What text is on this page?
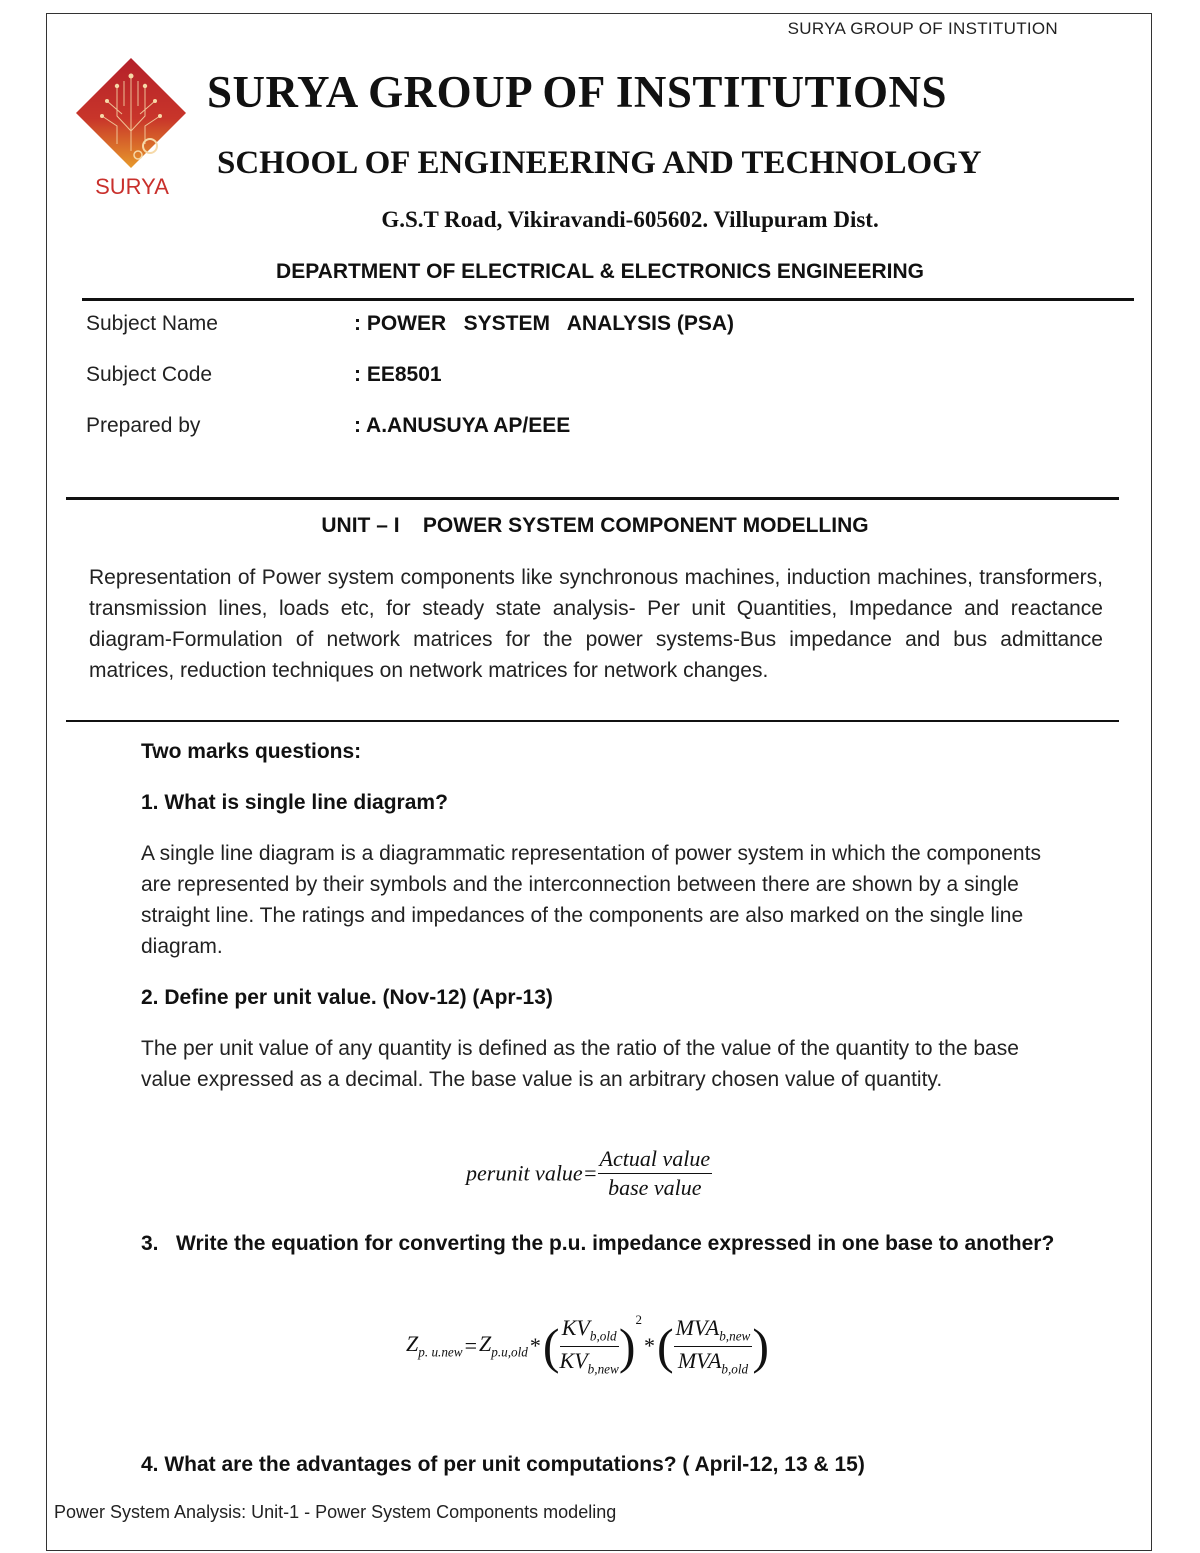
SURYA GROUP OF INSTITUTION
SURYA
SURYA GROUP OF INSTITUTIONS
SCHOOL OF ENGINEERING AND TECHNOLOGY
G.S.T Road, Vikiravandi-605602. Villupuram Dist.
DEPARTMENT OF ELECTRICAL & ELECTRONICS ENGINEERING
Subject Name	: POWER   SYSTEM   ANALYSIS (PSA)
Subject Code	: EE8501
Prepared by	: A.ANUSUYA AP/EEE
UNIT – I    POWER SYSTEM COMPONENT MODELLING
Representation of Power system components like synchronous machines, induction machines, transformers, transmission lines, loads etc, for steady state analysis- Per unit Quantities, Impedance and reactance diagram-Formulation of network matrices for the power systems-Bus impedance and bus admittance matrices, reduction techniques on network matrices for network changes.

Two marks questions:

1. What is single line diagram?

A single line diagram is a diagrammatic representation of power system in which the components are represented by their symbols and the interconnection between there are shown by a single straight line. The ratings and impedances of the components are also marked on the single line diagram.

2. Define per unit value. (Nov-12) (Apr-13)

The per unit value of any quantity is defined as the ratio of the value of the quantity to the base value expressed as a decimal. The base value is an arbitrary chosen value of quantity.

perunit value= $\frac{\text{Actual value}}{\text{base value}}$

3.   Write the equation for converting the p.u. impedance expressed in one base to another?

$Z_{p. u.new} = Z_{p.u,old}$ * ( $\frac{KV_{b,old}}{KV_{b,new}} )^2$
* ( $\frac{MVA_{b,new}}{MVA_{b,old}}$ )

4. What are the advantages of per unit computations? ( April-12, 13 & 15)

Power System Analysis: Unit-1 - Power System Components modeling
